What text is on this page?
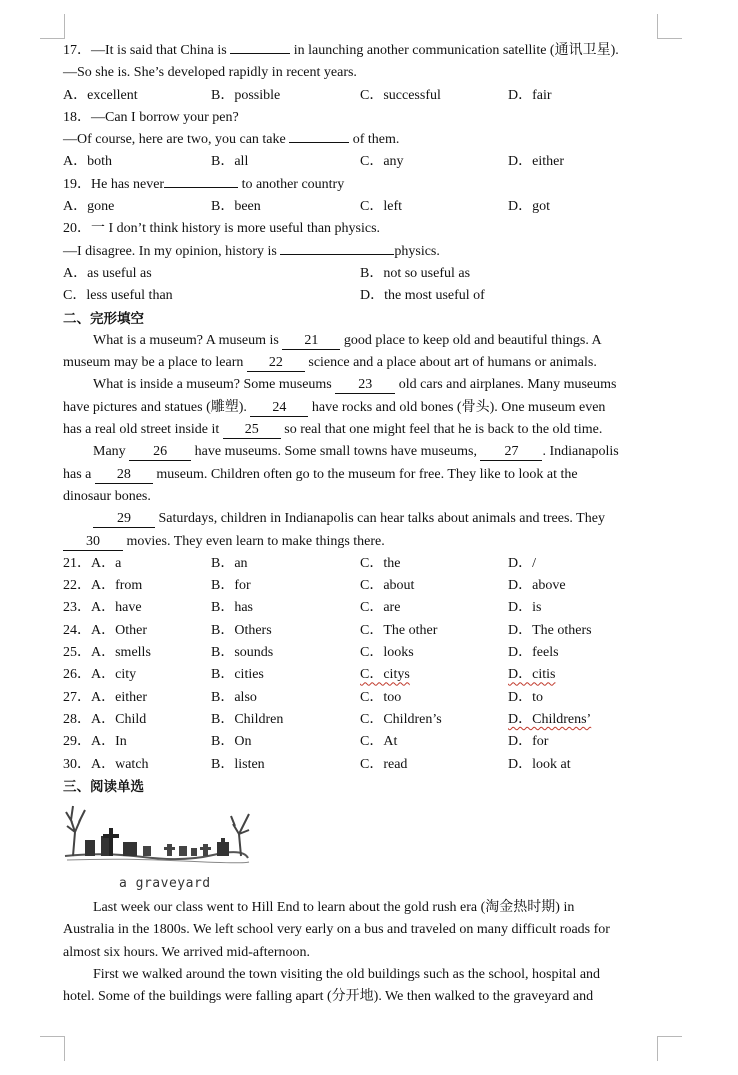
17．—It is said that China is	in launching another communication satellite (通讯卫星).
—So she is. She’s developed rapidly in recent years.
A．excellent	B．possible	C．successful	D．fair
18．—Can I borrow your pen?
—Of course, here are two, you can take	of them.
A．both	B．all	C．any	D．either
19．He has never	to another country
A．gone	B．been	C．left	D．got
20．一 I don’t think history is more useful than physics.
—I disagree. In my opinion, history is	physics.
A．as useful as	B．not so useful as
C．less useful than	D．the most useful of
二、完形填空
What is a museum? A museum is 21 good place to keep old and beautiful things. A
museum may be a place to learn 22 science and a place about art of humans or animals.
What is inside a museum? Some museums 23 old cars and airplanes. Many museums
have pictures and statues (雕塑). 24 have rocks and old bones (骨头). One museum even
has a real old street inside it 25 so real that one might feel that he is back to the old time.
Many 26 have museums. Some small towns have museums, 27 . Indianapolis
has a 28 museum. Children often go to the museum for free. They like to look at the
dinosaur bones.
29 Saturdays, children in Indianapolis can hear talks about animals and trees. They
30 movies. They even learn to make things there.
21．A．a	B．an	C．the	D．/
22．A．from	B．for	C．about	D．above
23．A．have	B．has	C．are	D．is
24．A．Other	B．Others	C．The other	D．The others
25．A．smells	B．sounds	C．looks	D．feels
26．A．city	B．cities	C．citys	D．citis
27．A．either	B．also	C．too	D．to
28．A．Child	B．Children	C．Children’s	D．Childrens’
29．A．In	B．On	C．At	D．for
30．A．watch	B．listen	C．read	D．look at
三、阅读单选
a graveyard
Last week our class went to Hill End to learn about the gold rush era (淘金热时期) in
Australia in the 1800s. We left school very early on a bus and traveled on many difficult roads for
almost six hours. We arrived mid-afternoon.
First we walked around the town visiting the old buildings such as the school, hospital and
hotel. Some of the buildings were falling apart (分开地). We then walked to the graveyard and
